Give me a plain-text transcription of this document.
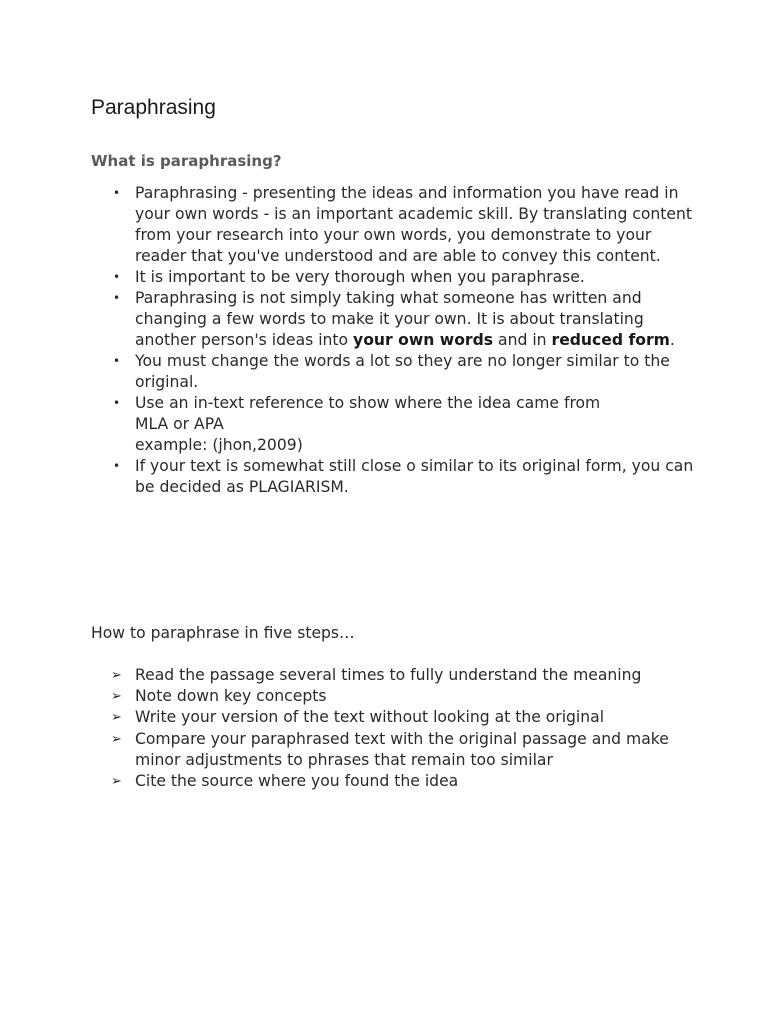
Paraphrasing
What is paraphrasing?
• Paraphrasing - presenting the ideas and information you have read in your own words - is an important academic skill. By translating content from your research into your own words, you demonstrate to your reader that you've understood and are able to convey this content.
• It is important to be very thorough when you paraphrase.
• Paraphrasing is not simply taking what someone has written and changing a few words to make it your own. It is about translating another person's ideas into your own words and in reduced form.
• You must change the words a lot so they are no longer similar to the original.
• Use an in-text reference to show where the idea came from
MLA or APA
example: (jhon,2009)
• If your text is somewhat still close o similar to its original form, you can be decided as PLAGIARISM.

How to paraphrase in five steps…

➢ Read the passage several times to fully understand the meaning
➢ Note down key concepts
➢ Write your version of the text without looking at the original
➢ Compare your paraphrased text with the original passage and make minor adjustments to phrases that remain too similar
➢ Cite the source where you found the idea
